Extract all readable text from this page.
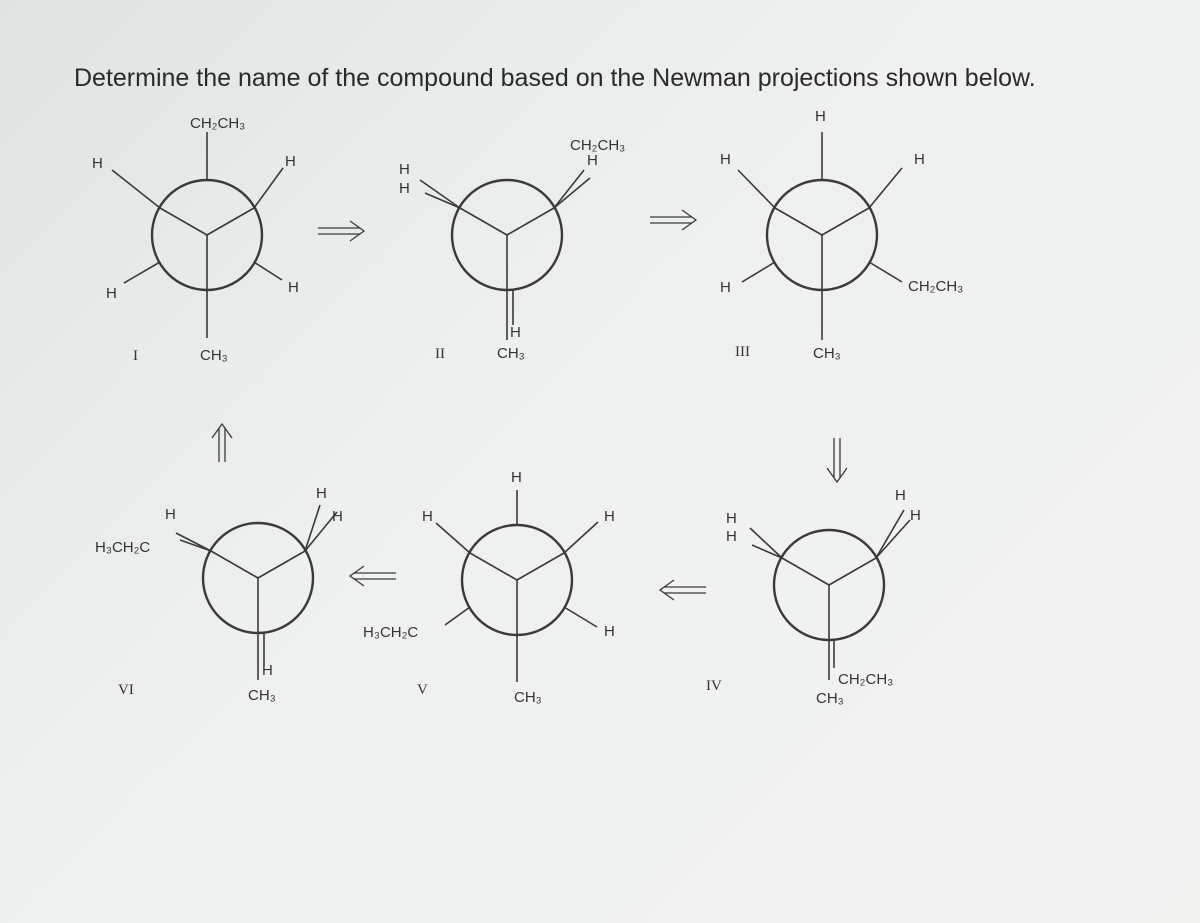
Determine the name of the compound based on the Newman projections shown below.
CH₂CH₃
H	H
H	H
CH₃
I
CH₂CH₃
H
H
H
H
CH₃
II
H
H	H
H	CH₂CH₃
CH₃
III
H
H
H
H
CH₂CH₃
CH₃
IV
H
H	H
H₃CH₂C	H
CH₃
V
H
H₃CH₂C
H
H
H
CH₃
VI
